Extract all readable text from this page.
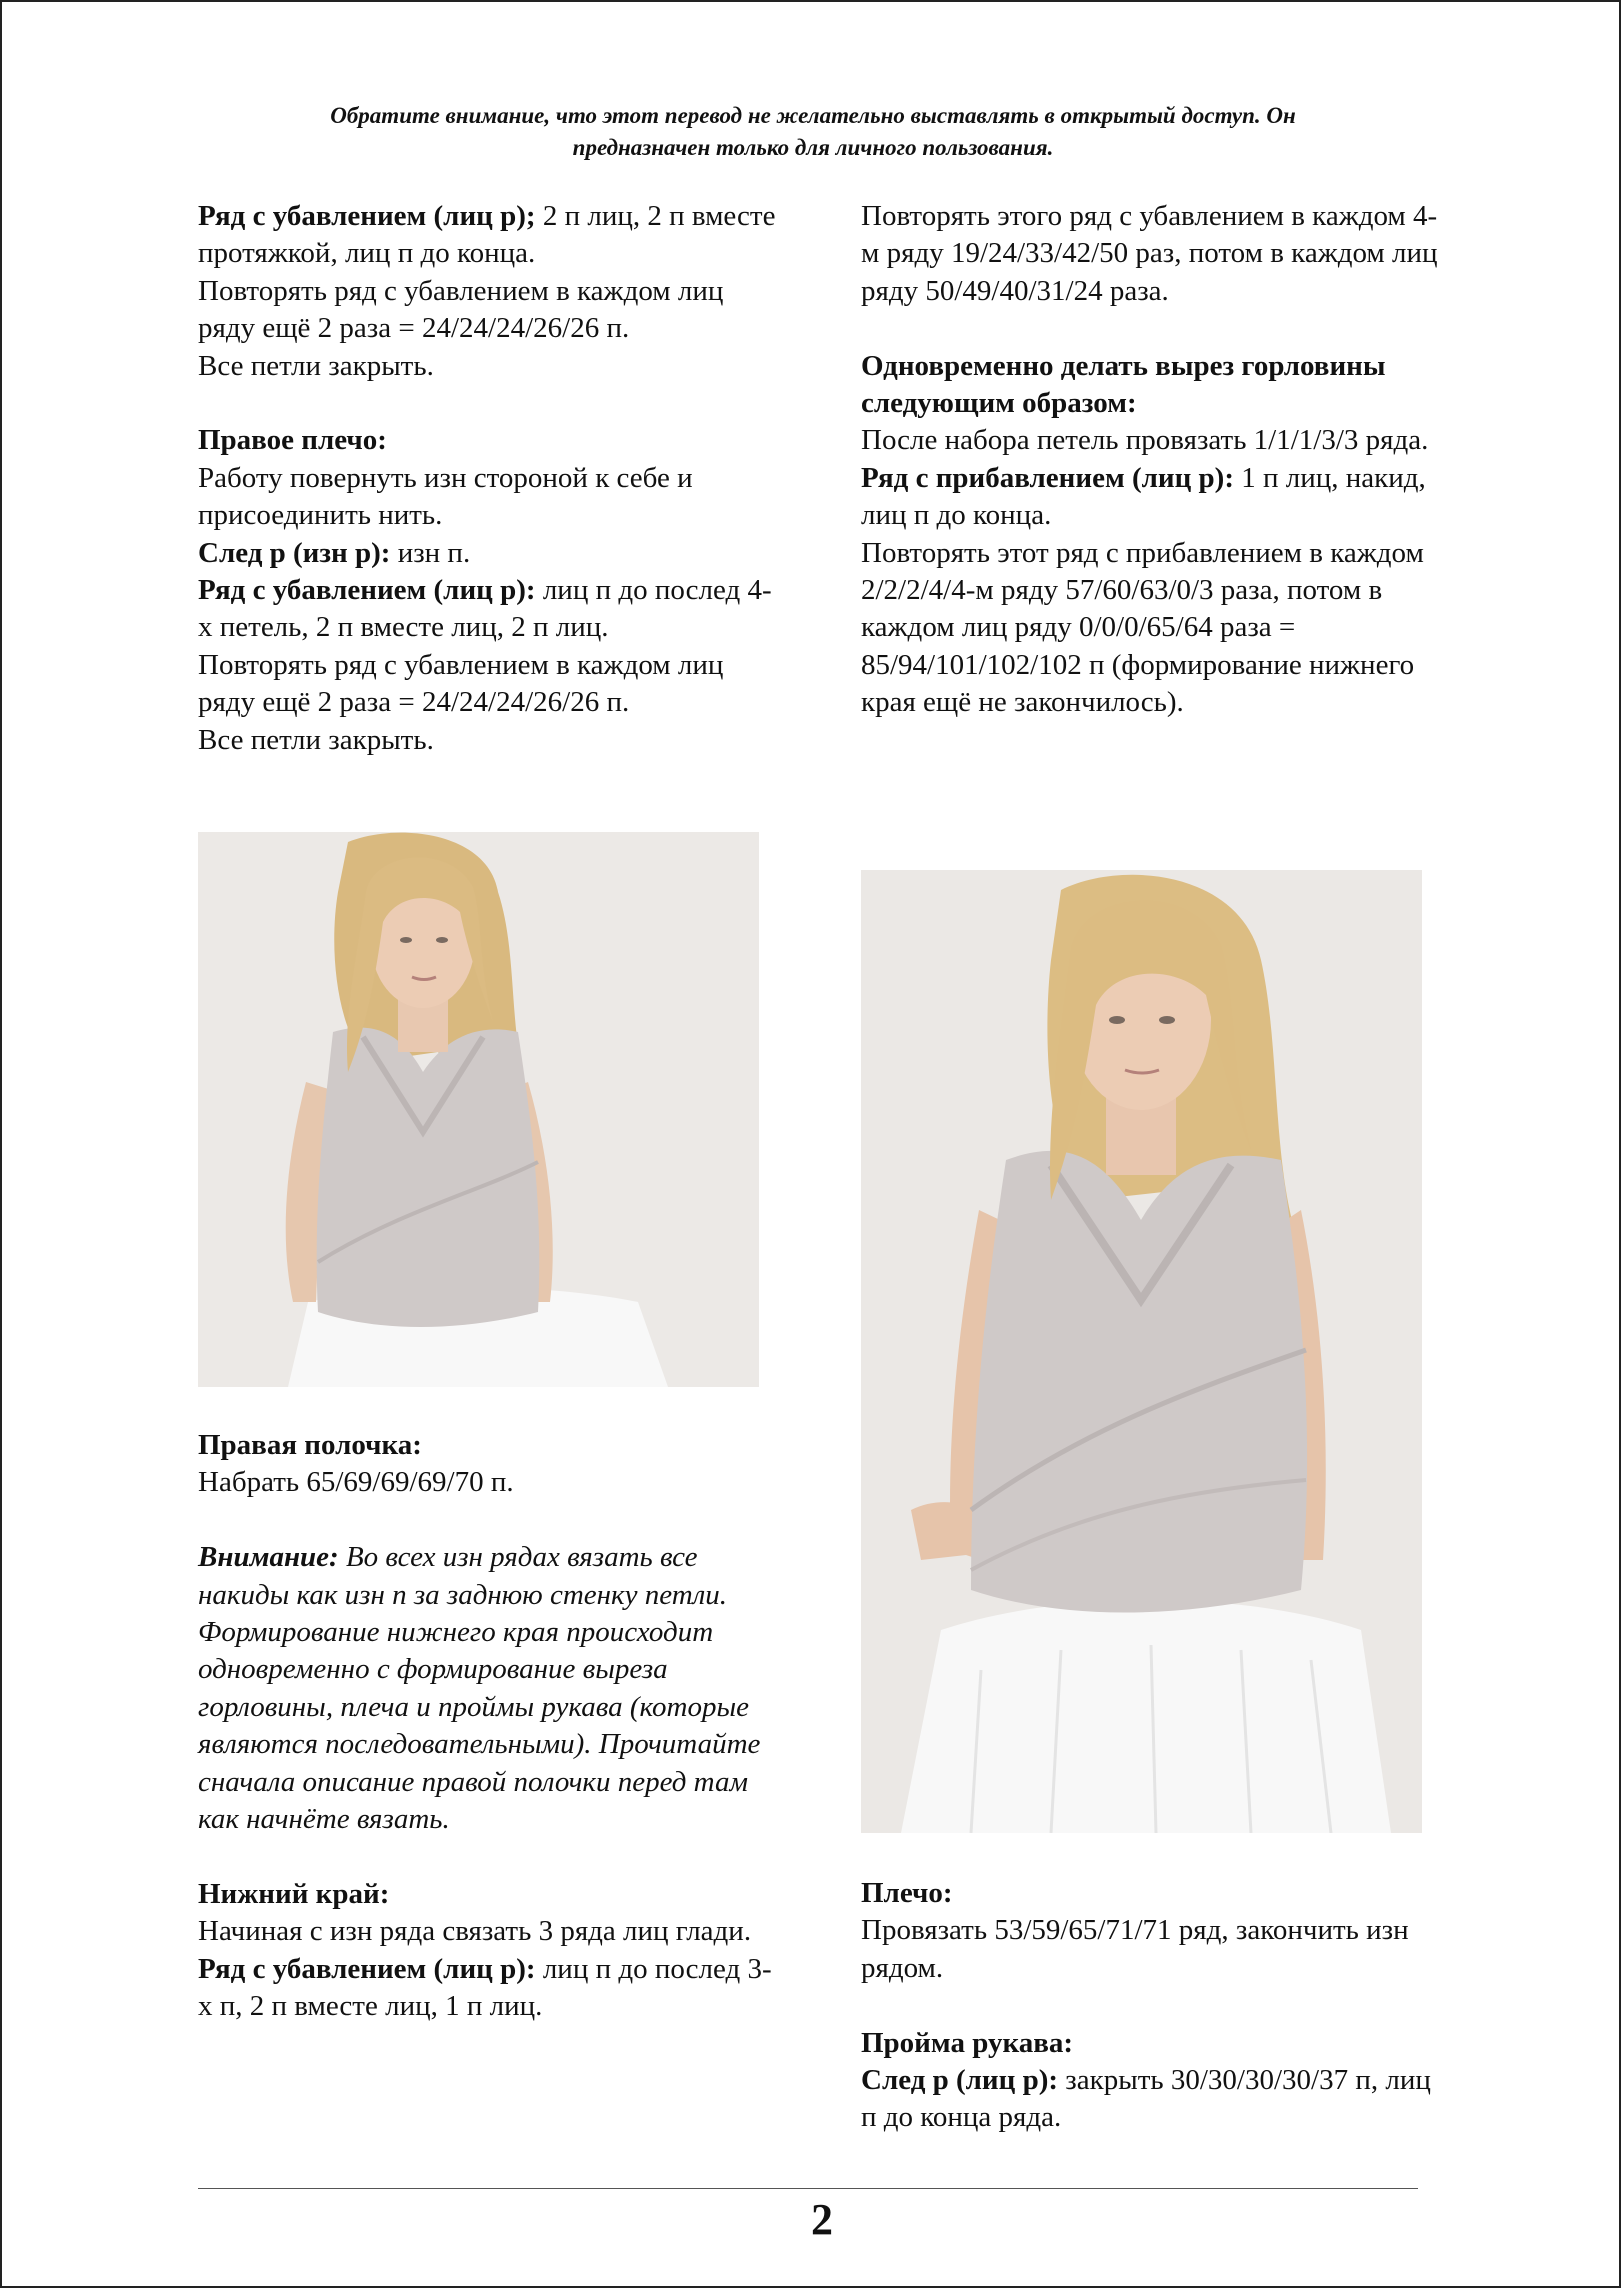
Обратите внимание, что этот перевод не желательно выставлять в открытый доступ. Он
предназначен только для личного пользования.

Ряд с убавлением (лиц р); 2 п лиц, 2 п вместе протяжкой, лиц п до конца.

Повторять ряд с убавлением в каждом лиц ряду ещё 2 раза = 24/24/24/26/26 п.

Все петли закрыть.

Правое плечо:

Работу повернуть изн стороной к себе и присоединить нить.

След р (изн р): изн п.

Ряд с убавлением (лиц р): лиц п до послед 4-х петель, 2 п вместе лиц, 2 п лиц.

Повторять ряд с убавлением в каждом лиц ряду ещё 2 раза = 24/24/24/26/26 п.

Все петли закрыть.

Правая полочка:

Набрать 65/69/69/69/70 п.

Внимание: Во всех изн рядах вязать все накиды как изн п за заднюю стенку петли. Формирование нижнего края происходит одновременно с формирование выреза горловины, плеча и проймы рукава (которые являются последовательными). Прочитайте сначала описание правой полочки перед там как начнёте вязать.

Нижний край:

Начиная с изн ряда связать 3 ряда лиц глади.

Ряд с убавлением (лиц р): лиц п до послед 3-х п, 2 п вместе лиц, 1 п лиц.

Повторять этого ряд с убавлением в каждом 4-м ряду 19/24/33/42/50 раз, потом в каждом лиц ряду 50/49/40/31/24 раза.

Одновременно делать вырез горловины следующим образом:

После набора петель провязать 1/1/1/3/3 ряда.

Ряд с прибавлением (лиц р): 1 п лиц, накид, лиц п до конца.

Повторять этот ряд с прибавлением в каждом 2/2/2/4/4-м ряду 57/60/63/0/3 раза, потом в каждом лиц ряду 0/0/0/65/64 раза = 85/94/101/102/102 п (формирование нижнего края ещё не закончилось).

Плечо:

Провязать 53/59/65/71/71 ряд, закончить изн рядом.

Пройма рукава:

След р (лиц р): закрыть 30/30/30/30/37 п, лиц п до конца ряда.

2
